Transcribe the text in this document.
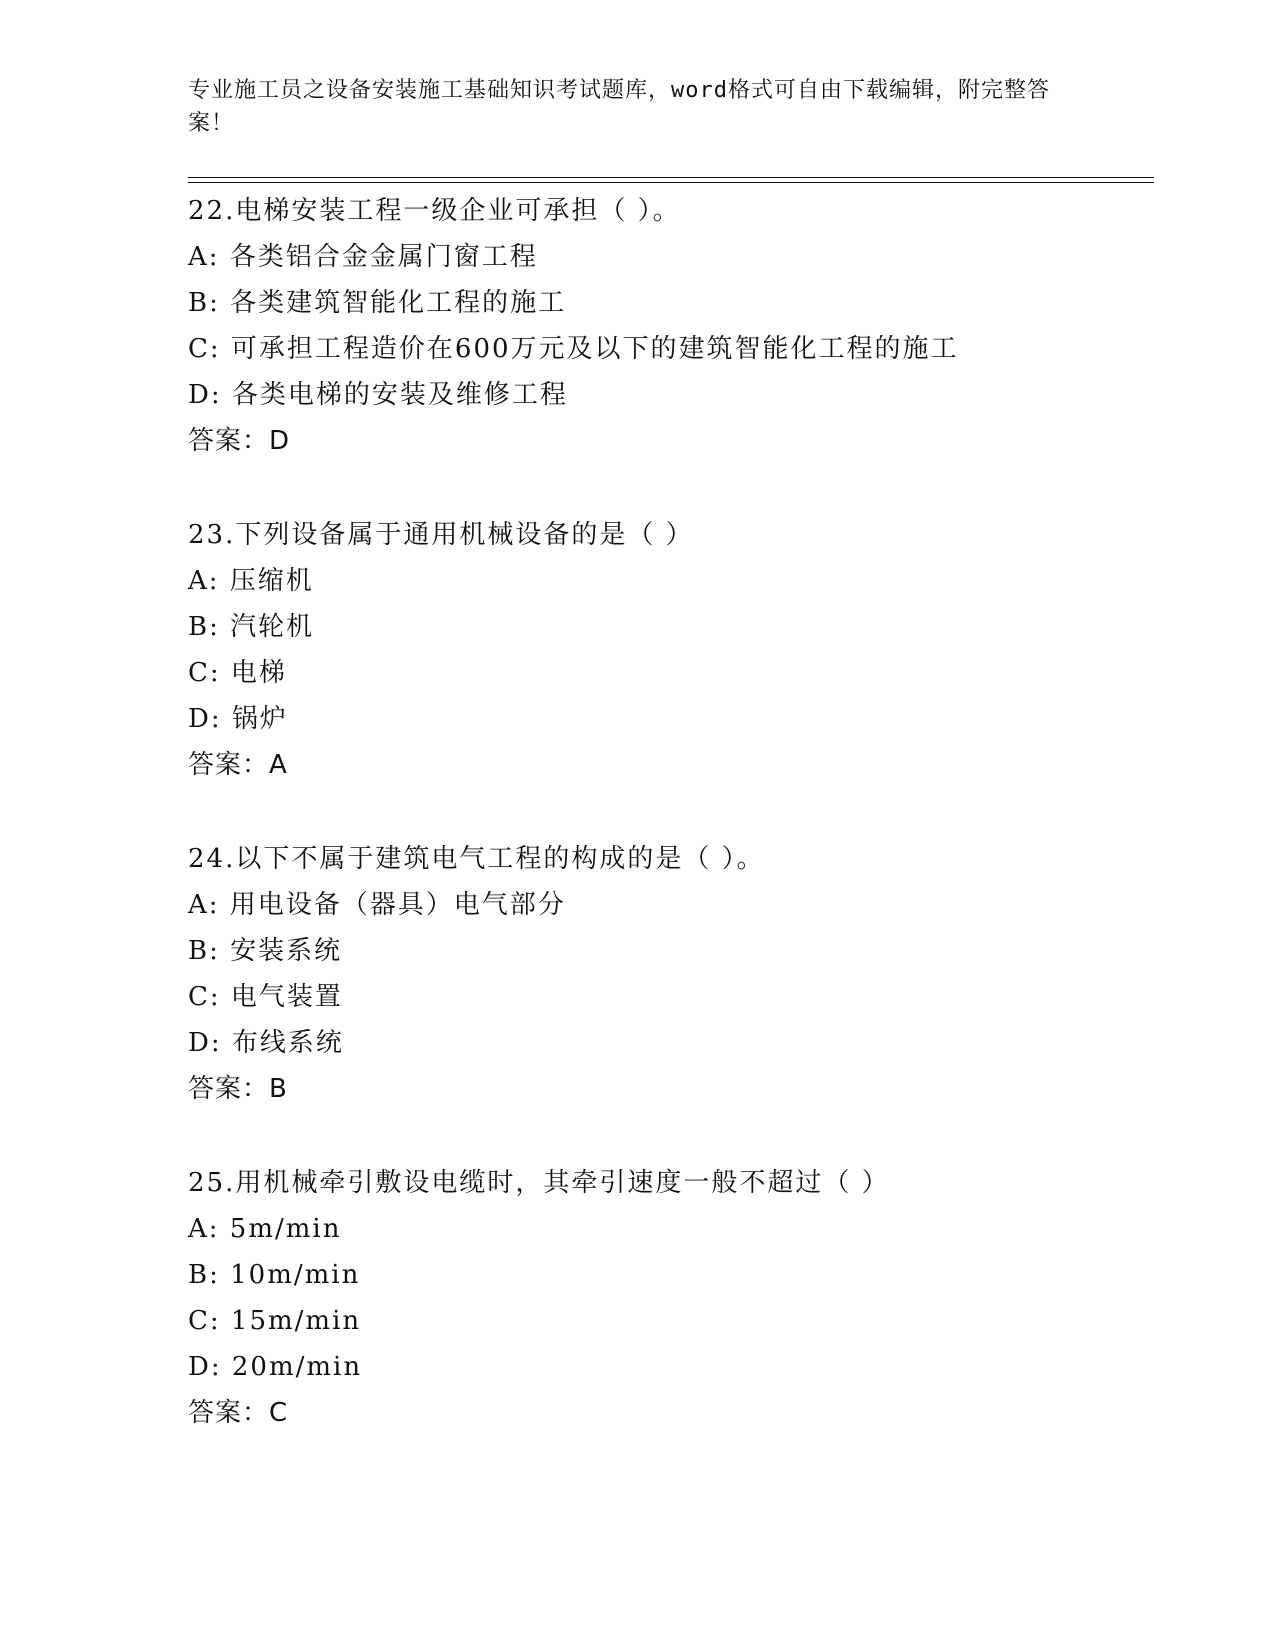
专业施工员之设备安装施工基础知识考试题库，word格式可自由下载编辑，附完整答案！
22.电梯安装工程一级企业可承担（ ）。
A: 各类铝合金金属门窗工程
B: 各类建筑智能化工程的施工
C: 可承担工程造价在600万元及以下的建筑智能化工程的施工
D: 各类电梯的安装及维修工程
答案：D
23.下列设备属于通用机械设备的是（ ）
A: 压缩机
B: 汽轮机
C: 电梯
D: 锅炉
答案：A
24.以下不属于建筑电气工程的构成的是（ ）。
A: 用电设备（器具）电气部分
B: 安装系统
C: 电气装置
D: 布线系统
答案：B
25.用机械牵引敷设电缆时，其牵引速度一般不超过（ ）
A: 5m/min
B: 10m/min
C: 15m/min
D: 20m/min
答案：C
